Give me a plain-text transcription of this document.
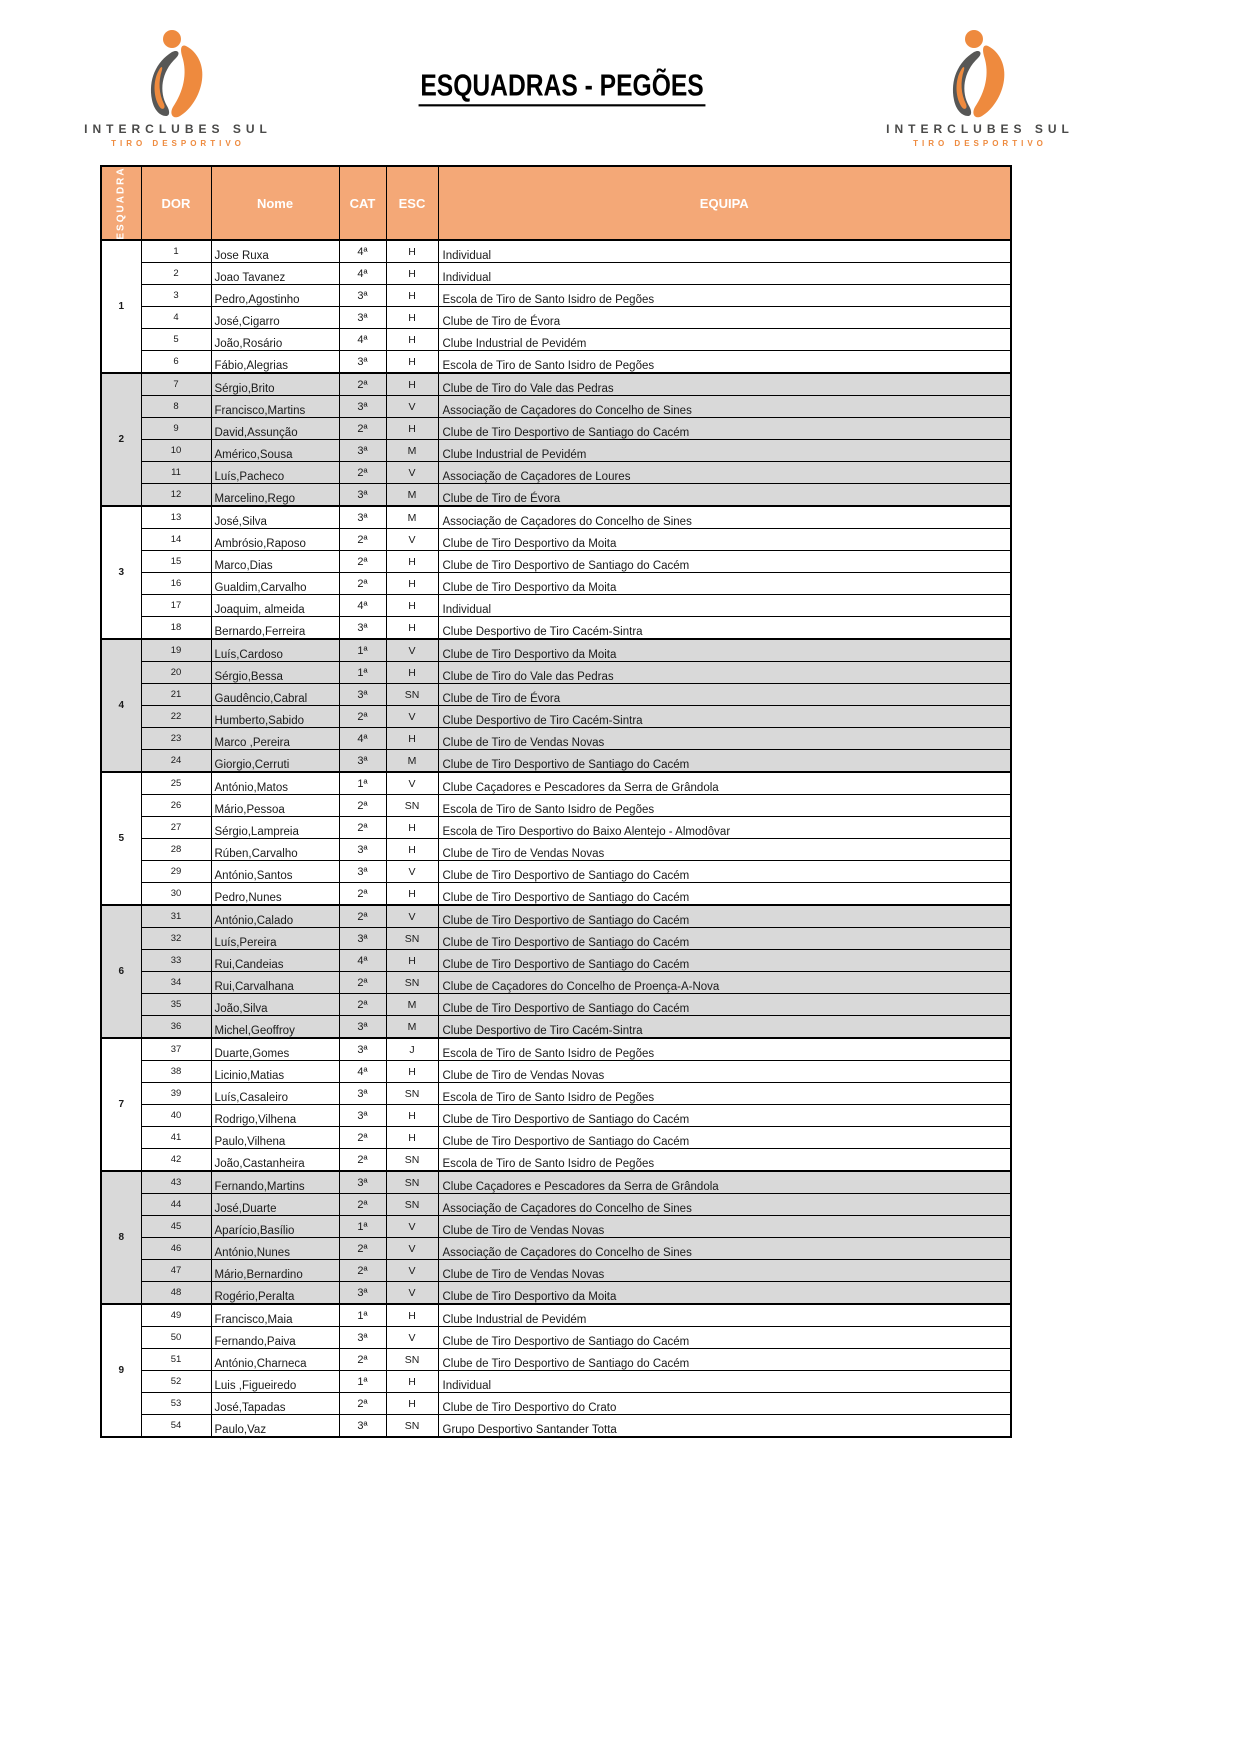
INTERCLUBES SUL
TIRO DESPORTIVO
INTERCLUBES SUL
TIRO DESPORTIVO
ESQUADRAS - PEGÕES
ESQUADRA	DOR	Nome	CAT	ESC	EQUIPA
1	1	Jose Ruxa	4ª	H	Individual
	2	Joao Tavanez	4ª	H	Individual
	3	Pedro,Agostinho	3ª	H	Escola de Tiro de Santo Isidro de Pegões
	4	José,Cigarro	3ª	H	Clube de Tiro de Évora
	5	João,Rosário	4ª	H	Clube Industrial de Pevidém
	6	Fábio,Alegrias	3ª	H	Escola de Tiro de Santo Isidro de Pegões
2	7	Sérgio,Brito	2ª	H	Clube de Tiro do Vale das Pedras
	8	Francisco,Martins	3ª	V	Associação de Caçadores do Concelho de Sines
	9	David,Assunção	2ª	H	Clube de Tiro Desportivo de Santiago do Cacém
	10	Américo,Sousa	3ª	M	Clube Industrial de Pevidém
	11	Luís,Pacheco	2ª	V	Associação de Caçadores de Loures
	12	Marcelino,Rego	3ª	M	Clube de Tiro de Évora
3	13	José,Silva	3ª	M	Associação de Caçadores do Concelho de Sines
	14	Ambrósio,Raposo	2ª	V	Clube de Tiro Desportivo da Moita
	15	Marco,Dias	2ª	H	Clube de Tiro Desportivo de Santiago do Cacém
	16	Gualdim,Carvalho	2ª	H	Clube de Tiro Desportivo da Moita
	17	Joaquim, almeida	4ª	H	Individual
	18	Bernardo,Ferreira	3ª	H	Clube Desportivo de Tiro Cacém-Sintra
4	19	Luís,Cardoso	1ª	V	Clube de Tiro Desportivo da Moita
	20	Sérgio,Bessa	1ª	H	Clube de Tiro do Vale das Pedras
	21	Gaudêncio,Cabral	3ª	SN	Clube de Tiro de Évora
	22	Humberto,Sabido	2ª	V	Clube Desportivo de Tiro Cacém-Sintra
	23	Marco ,Pereira	4ª	H	Clube de Tiro de Vendas Novas
	24	Giorgio,Cerruti	3ª	M	Clube de Tiro Desportivo de Santiago do Cacém
5	25	António,Matos	1ª	V	Clube Caçadores e Pescadores da Serra de Grândola
	26	Mário,Pessoa	2ª	SN	Escola de Tiro de Santo Isidro de Pegões
	27	Sérgio,Lampreia	2ª	H	Escola de Tiro Desportivo do Baixo Alentejo - Almodôvar
	28	Rúben,Carvalho	3ª	H	Clube de Tiro de Vendas Novas
	29	António,Santos	3ª	V	Clube de Tiro Desportivo de Santiago do Cacém
	30	Pedro,Nunes	2ª	H	Clube de Tiro Desportivo de Santiago do Cacém
6	31	António,Calado	2ª	V	Clube de Tiro Desportivo de Santiago do Cacém
	32	Luís,Pereira	3ª	SN	Clube de Tiro Desportivo de Santiago do Cacém
	33	Rui,Candeias	4ª	H	Clube de Tiro Desportivo de Santiago do Cacém
	34	Rui,Carvalhana	2ª	SN	Clube de Caçadores do Concelho de Proença-A-Nova
	35	João,Silva	2ª	M	Clube de Tiro Desportivo de Santiago do Cacém
	36	Michel,Geoffroy	3ª	M	Clube Desportivo de Tiro Cacém-Sintra
7	37	Duarte,Gomes	3ª	J	Escola de Tiro de Santo Isidro de Pegões
	38	Licinio,Matias	4ª	H	Clube de Tiro de Vendas Novas
	39	Luís,Casaleiro	3ª	SN	Escola de Tiro de Santo Isidro de Pegões
	40	Rodrigo,Vilhena	3ª	H	Clube de Tiro Desportivo de Santiago do Cacém
	41	Paulo,Vilhena	2ª	H	Clube de Tiro Desportivo de Santiago do Cacém
	42	João,Castanheira	2ª	SN	Escola de Tiro de Santo Isidro de Pegões
8	43	Fernando,Martins	3ª	SN	Clube Caçadores e Pescadores da Serra de Grândola
	44	José,Duarte	2ª	SN	Associação de Caçadores do Concelho de Sines
	45	Aparício,Basílio	1ª	V	Clube de Tiro de Vendas Novas
	46	António,Nunes	2ª	V	Associação de Caçadores do Concelho de Sines
	47	Mário,Bernardino	2ª	V	Clube de Tiro de Vendas Novas
	48	Rogério,Peralta	3ª	V	Clube de Tiro Desportivo da Moita
9	49	Francisco,Maia	1ª	H	Clube Industrial de Pevidém
	50	Fernando,Paiva	3ª	V	Clube de Tiro Desportivo de Santiago do Cacém
	51	António,Charneca	2ª	SN	Clube de Tiro Desportivo de Santiago do Cacém
	52	Luis ,Figueiredo	1ª	H	Individual
	53	José,Tapadas	2ª	H	Clube de Tiro Desportivo do Crato
	54	Paulo,Vaz	3ª	SN	Grupo Desportivo Santander Totta
